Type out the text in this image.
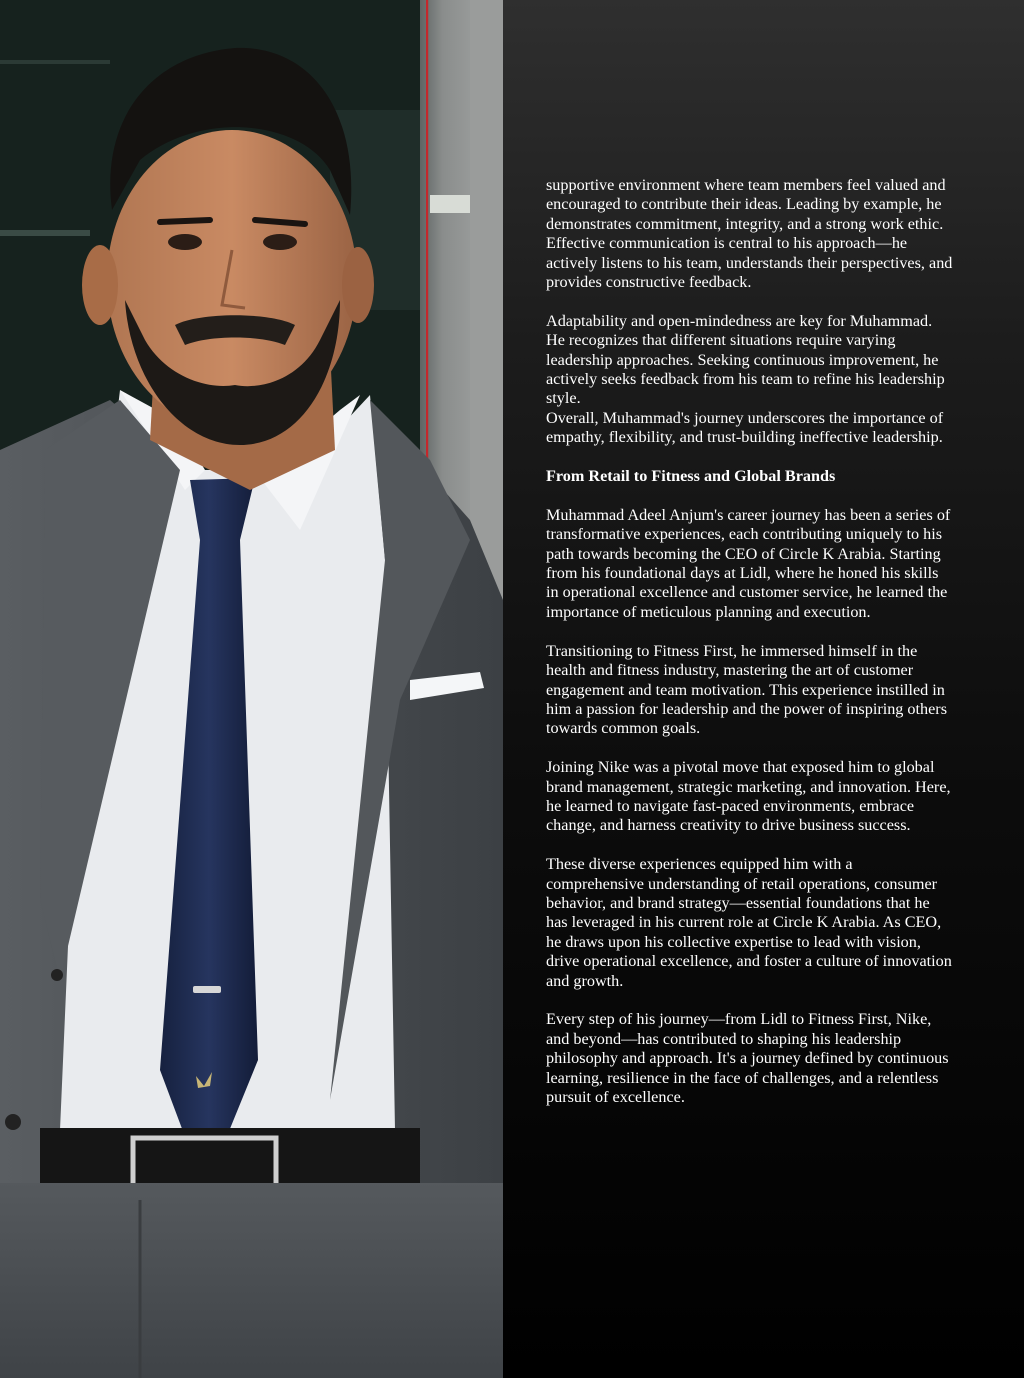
supportive environment where team members feel valued and encouraged to contribute their ideas. Leading by example, he demonstrates commitment, integrity, and a strong work ethic. Effective communication is central to his approach—he actively listens to his team, understands their perspectives, and provides constructive feedback.

Adaptability and open-mindedness are key for Muhammad. He recognizes that different situations require varying leadership approaches. Seeking continuous improvement, he actively seeks feedback from his team to refine his leadership style.

Overall, Muhammad's journey underscores the importance of empathy, flexibility, and trust-building ineffective leadership.

From Retail to Fitness and Global Brands

Muhammad Adeel Anjum's career journey has been a series of transformative experiences, each contributing uniquely to his path towards becoming the CEO of Circle K Arabia. Starting from his foundational days at Lidl, where he honed his skills in operational excellence and customer service, he learned the importance of meticulous planning and execution.

Transitioning to Fitness First, he immersed himself in the health and fitness industry, mastering the art of customer engagement and team motivation. This experience instilled in him a passion for leadership and the power of inspiring others towards common goals.

Joining Nike was a pivotal move that exposed him to global brand management, strategic marketing, and innovation. Here, he learned to navigate fast-paced environments, embrace change, and harness creativity to drive business success.

These diverse experiences equipped him with a comprehensive understanding of retail operations, consumer behavior, and brand strategy—essential foundations that he has leveraged in his current role at Circle K Arabia. As CEO, he draws upon his collective expertise to lead with vision, drive operational excellence, and foster a culture of innovation and growth.

Every step of his journey—from Lidl to Fitness First, Nike, and beyond—has contributed to shaping his leadership philosophy and approach. It's a journey defined by continuous learning, resilience in the face of challenges, and a relentless pursuit of excellence.
